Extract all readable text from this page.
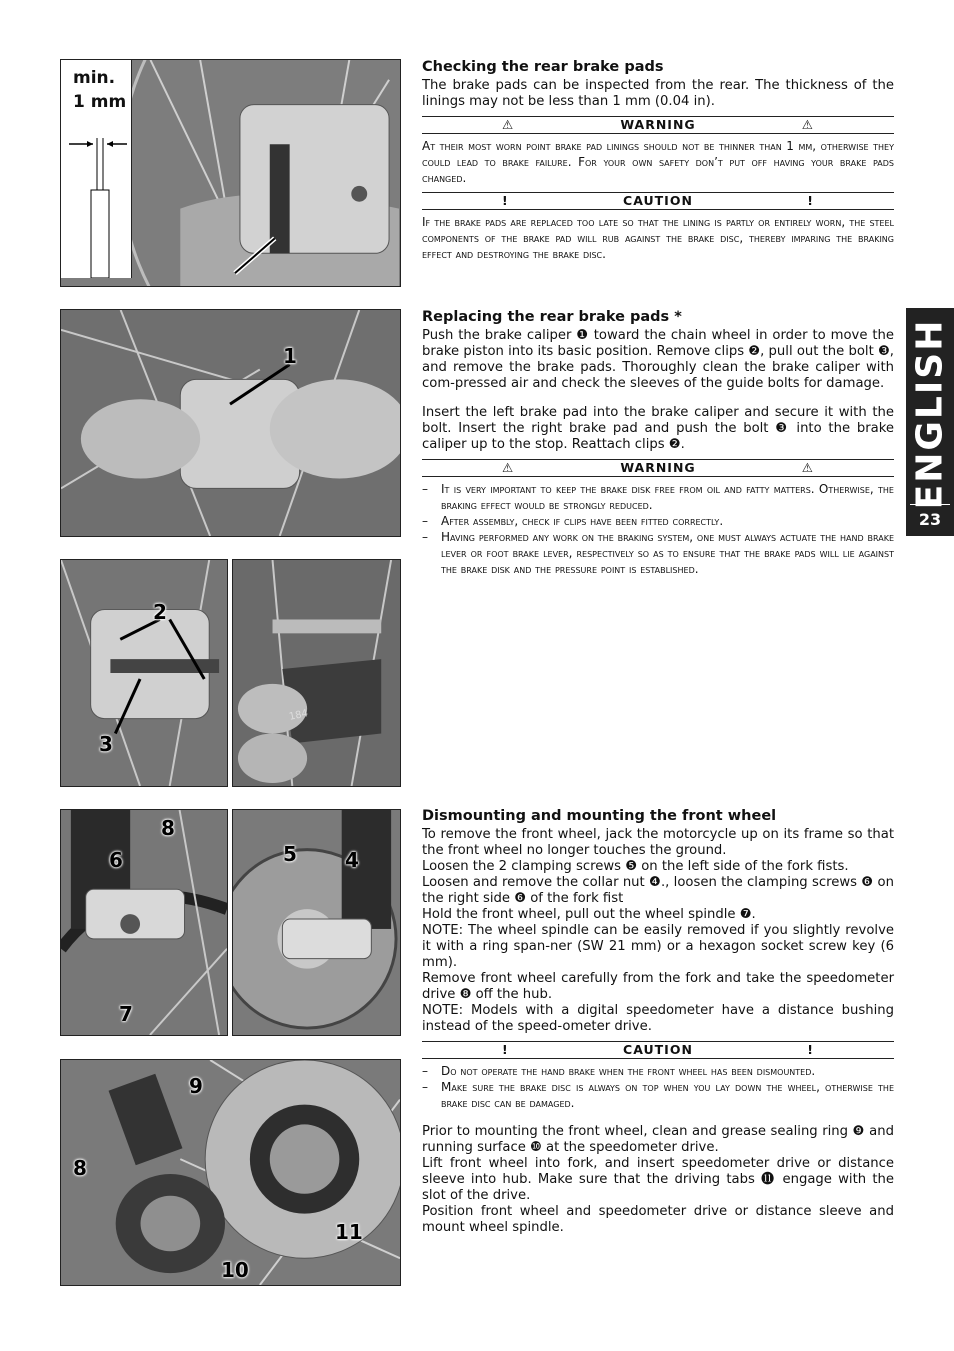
min.
1 mm
1
2
3
184
8
6
7
5 4
9
8
10
11
Checking the rear brake pads

The brake pads can be inspected from the rear. The thickness of the linings may not be less than 1 mm (0.04 in).

⚠	WARNING	⚠

At their most worn point brake pad linings should not be thinner than 1 mm, otherwise they could lead to brake failure. For your own safety don’t put off having your brake pads changed.

!	CAUTION	!

If the brake pads are replaced too late so that the lining is partly or entirely worn, the steel components of the brake pad will rub against the brake disc, thereby imparing the braking effect and destroying the brake disc.

Replacing the rear brake pads *

Push the brake caliper ❶ toward the chain wheel in order to move the brake piston into its basic position. Remove clips ❷, pull out the bolt ❸, and remove the brake pads. Thoroughly clean the brake caliper with com-pressed air and check the sleeves of the guide bolts for damage.

Insert the left brake pad into the brake caliper and secure it with the bolt. Insert the right brake pad and push the bolt ❸ into the brake caliper up to the stop. Reattach clips ❷.

⚠	WARNING	⚠
– It is very important to keep the brake disk free from oil and fatty matters. Otherwise, the braking effect would be strongly reduced.
– After assembly, check if clips have been fitted correctly.
– Having performed any work on the braking system, one must always actuate the hand brake lever or foot brake lever, respectively so as to ensure that the brake pads will lie against the brake disk and the pressure point is established.
Dismounting and mounting the front wheel

To remove the front wheel, jack the motorcycle up on its frame so that the front wheel no longer touches the ground.

Loosen the 2 clamping screws ❺ on the left side of the fork fists.

Loosen and remove the collar nut ❹., loosen the clamping screws ❻ on the right side ❻ of the fork fist

Hold the front wheel, pull out the wheel spindle ❼.

NOTE: The wheel spindle can be easily removed if you slightly revolve it with a ring span-ner (SW 21 mm) or a hexagon socket screw key (6 mm).

Remove front wheel carefully from the fork and take the speedometer drive ❽ off the hub.

NOTE: Models with a digital speedometer have a distance bushing instead of the speed-ometer drive.

!	CAUTION	!
– Do not operate the hand brake when the front wheel has been dismounted.
– Make sure the brake disc is always on top when you lay down the wheel, otherwise the brake disc can be damaged.

Prior to mounting the front wheel, clean and grease sealing ring ❾ and running surface ❿ at the speedometer drive.

Lift front wheel into fork, and insert speedometer drive or distance sleeve into hub. Make sure that the driving tabs ⓫ engage with the slot of the drive.

Position front wheel and speedometer drive or distance sleeve and mount wheel spindle.

ENGLISH
23
